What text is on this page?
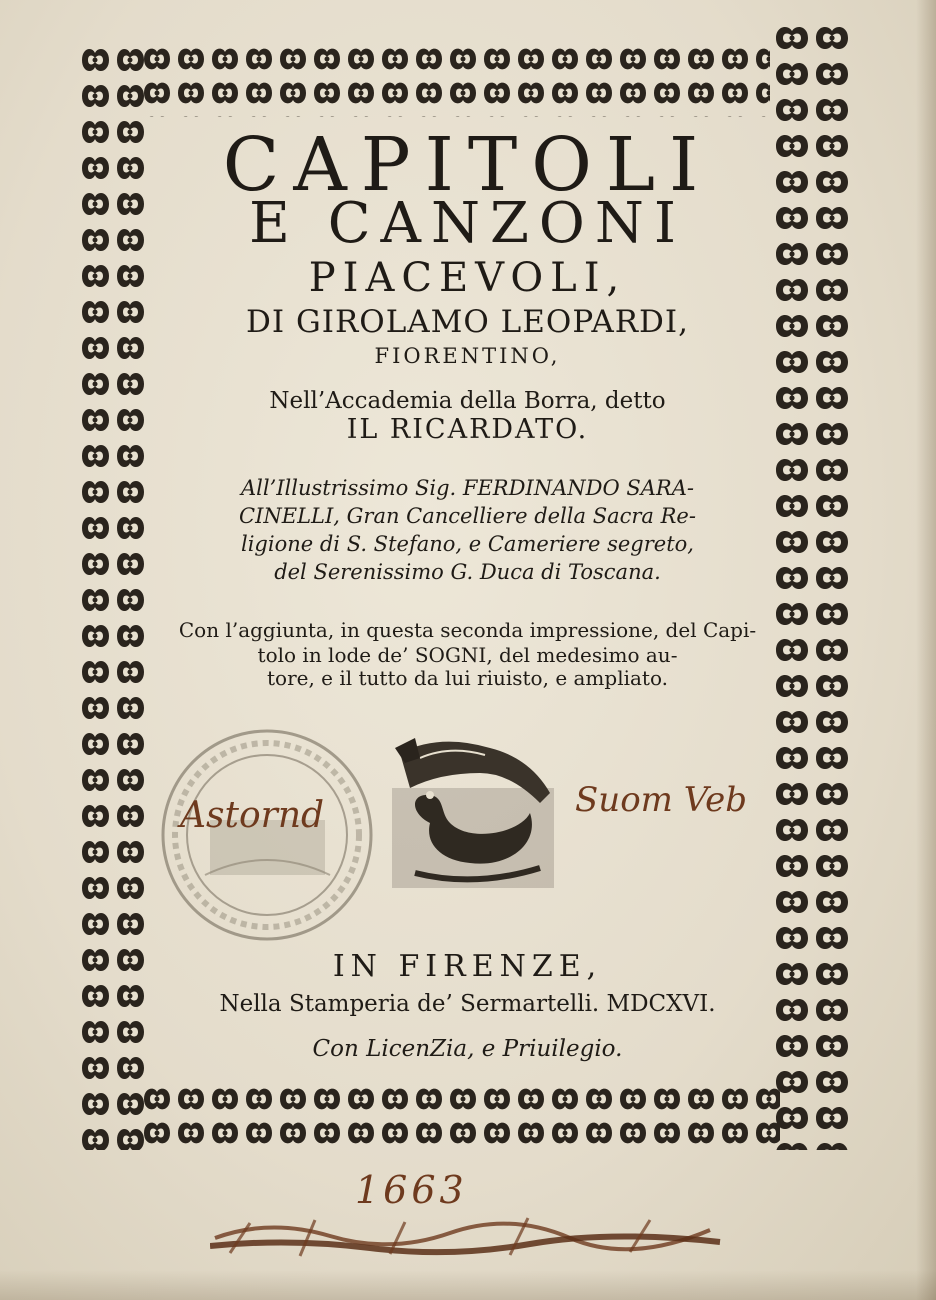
CAPITOLI
E CANZONI
PIACEVOLI,
DI GIROLAMO LEOPARDI,
FIORENTINO,
Nell’Accademia della Borra, detto
IL RICARDATO.
All’Illustrissimo Sig. FERDINANDO SARA-
CINELLI, Gran Cancelliere della Sacra Re-
ligione di S. Stefano, e Cameriere segreto,
del Serenissimo G. Duca di Toscana.
Con l’aggiunta, in questa seconda impressione, del Capi-
tolo in lode de’ SOGNI, del medesimo au-
tore, e il tutto da lui riuisto, e ampliato.
Astornd	Suom Veb
IN FIRENZE,
Nella Stamperia de’ Sermartelli. MDCXVI.
Con LicenZia, e Priuilegio.
1663
